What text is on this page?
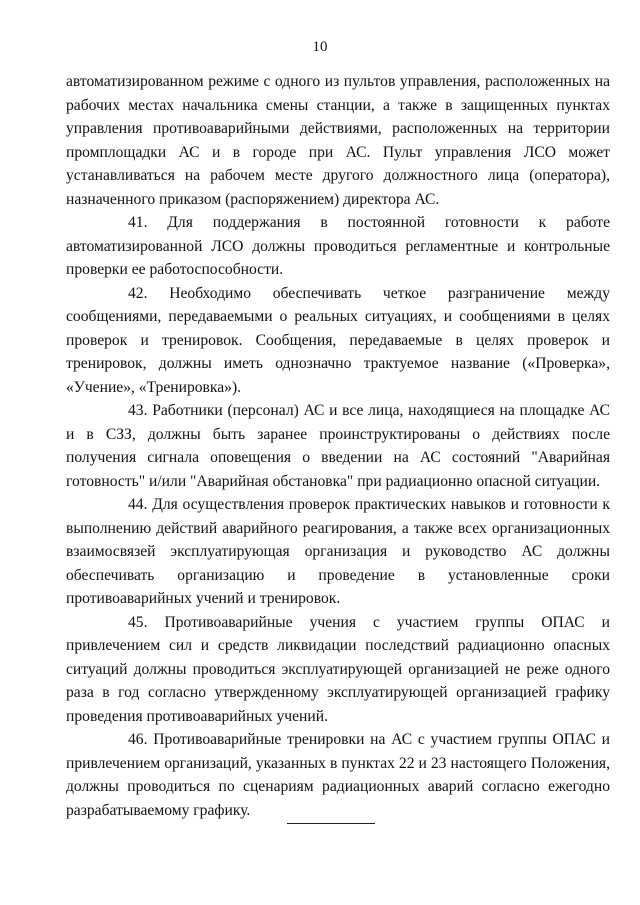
10

автоматизированном режиме с одного из пультов управления, расположенных на рабочих местах начальника смены станции, а также в защищенных пунктах управления противоаварийными действиями, расположенных на территории промплощадки АС и в городе при АС. Пульт управления ЛСО может устанавливаться на рабочем месте другого должностного лица (оператора), назначенного приказом (распоряжением) директора АС.

41. Для поддержания в постоянной готовности к работе автоматизированной ЛСО должны проводиться регламентные и контрольные проверки ее работоспособности.

42. Необходимо обеспечивать четкое разграничение между сообщениями, передаваемыми о реальных ситуациях, и сообщениями в целях проверок и тренировок. Сообщения, передаваемые в целях проверок и тренировок, должны иметь однозначно трактуемое название («Проверка», «Учение», «Тренировка»).

43. Работники (персонал) АС и все лица, находящиеся на площадке АС и в СЗЗ, должны быть заранее проинструктированы о действиях после получения сигнала оповещения о введении на АС состояний "Аварийная готовность" и/или "Аварийная обстановка" при радиационно опасной ситуации.

44. Для осуществления проверок практических навыков и готовности к выполнению действий аварийного реагирования, а также всех организационных взаимосвязей эксплуатирующая организация и руководство АС должны обеспечивать организацию и проведение в установленные сроки противоаварийных учений и тренировок.

45. Противоаварийные учения с участием группы ОПАС и привлечением сил и средств ликвидации последствий радиационно опасных ситуаций должны проводиться эксплуатирующей организацией не реже одного раза в год согласно утвержденному эксплуатирующей организацией графику проведения противоаварийных учений.

46. Противоаварийные тренировки на АС с участием группы ОПАС и привлечением организаций, указанных в пунктах 22 и 23 настоящего Положения, должны проводиться по сценариям радиационных аварий согласно ежегодно разрабатываемому графику.
